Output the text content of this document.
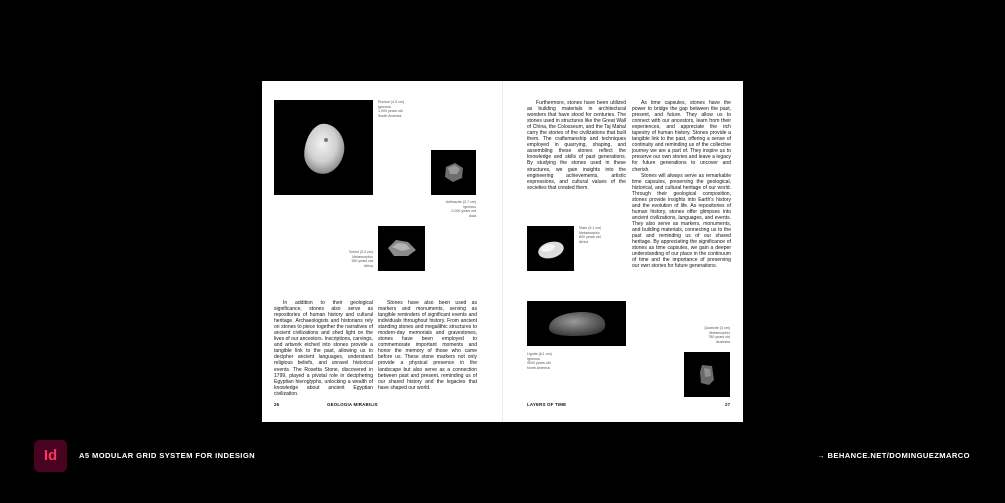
Pumice (4.5 cm)
Igneous
1,000 years old
South America
Anthracite (3.7 cm)
Igneous
2,000 years old
Asia
Schist (3.3 cm)
Metamorphic
350 years old
Africa

In addition to their geological significance, stones also serve as repositories of human history and cultural heritage. Archaeologists and historians rely on stones to piece together the narratives of ancient civilizations and shed light on the lives of our ancestors. Inscriptions, carvings, and artwork etched into stones provide a tangible link to the past, allowing us to decipher ancient languages, understand religious beliefs, and unravel historical events. The Rosetta Stone, discovered in 1799, played a pivotal role in deciphering Egyptian hieroglyphs, unlocking a wealth of knowledge about ancient Egyptian civilization.

Stones have also been used as markers and monuments, serving as tangible reminders of significant events and individuals throughout history. From ancient standing stones and megalithic structures to modern-day memorials and gravestones, stones have been employed to commemorate important moments and honor the memory of those who came before us. These stone markers not only provide a physical presence in the landscape but also serve as a connection between past and present, reminding us of our shared history and the legacies that have shaped our world.

26	GEOLOGIA MIRABILIS

Furthermore, stones have been utilized as building materials in architectural wonders that have stood for centuries. The stones used in structures like the Great Wall of China, the Colosseum, and the Taj Mahal carry the stories of the civilizations that built them. The craftsmanship and techniques employed in quarrying, shaping, and assembling these stones reflect the knowledge and skills of past generations. By studying the stones used in these structures, we gain insights into the engineering achievements, artistic expressions, and cultural values of the societies that created them.

As time capsules, stones have the power to bridge the gap between the past, present, and future. They allow us to connect with our ancestors, learn from their experiences, and appreciate the rich tapestry of human history. Stones provide a tangible link to the past, offering a sense of continuity and reminding us of the collective journey we are a part of. They inspire us to preserve our own stories and leave a legacy for future generations to uncover and cherish.

Stones will always serve as remarkable time capsules, preserving the geological, historical, and cultural heritage of our world. Through their geological composition, stones provide insights into Earth's history and the evolution of life. As repositories of human history, stones offer glimpses into ancient civilizations, languages, and events. They also serve as markers, monuments, and building materials, connecting us to the past and reminding us of our shared heritage. By appreciating the significance of stones as time capsules, we gain a deeper understanding of our place in the continuum of time and the importance of preserving our own stories for future generations.

Slate (5.1 cm)
Metamorphic
800 years old
Africa
Lignite (6.1 cm)
Igneous
9000 years old
North America
Quartzite (3 cm)
Metamorphic
780 years old
Australia
LAYERS OF TIME	27
Id	A5 MODULAR GRID SYSTEM FOR INDESIGN	→ BEHANCE.NET/DOMINGUEZMARCO
